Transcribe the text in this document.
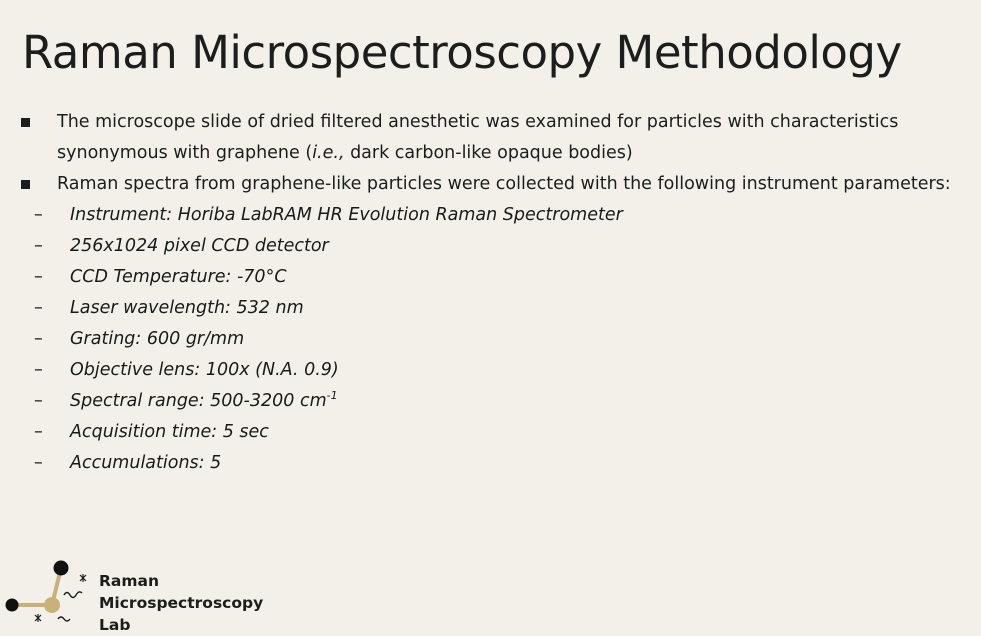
Raman Microspectroscopy Methodology
The microscope slide of dried filtered anesthetic was examined for particles with characteristics
synonymous with graphene (i.e., dark carbon-like opaque bodies)
Raman spectra from graphene-like particles were collected with the following instrument parameters:
– Instrument: Horiba LabRAM HR Evolution Raman Spectrometer
– 256x1024 pixel CCD detector
– CCD Temperature: -70°C
– Laser wavelength: 532 nm
– Grating: 600 gr/mm
– Objective lens: 100x (N.A. 0.9)
– Spectral range: 500-3200 $cm^{-1}$
– Acquisition time: 5 sec
– Accumulations: 5
Raman
Microspectroscopy
Lab
